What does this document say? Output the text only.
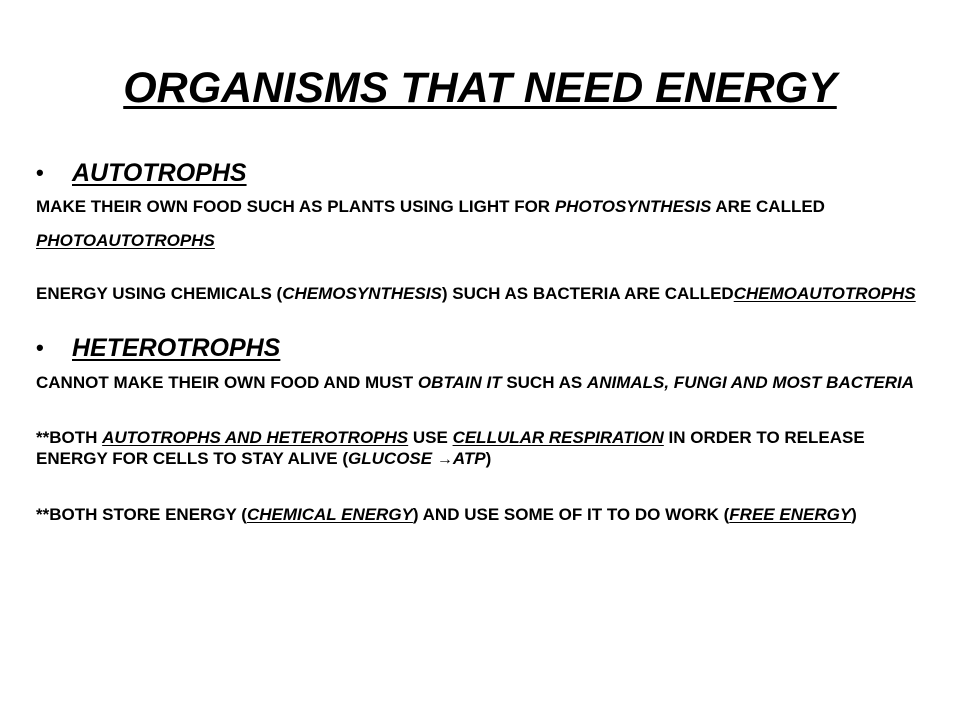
ORGANISMS THAT NEED ENERGY
• AUTOTROPHS

MAKE THEIR OWN FOOD SUCH AS PLANTS USING LIGHT FOR PHOTOSYNTHESIS ARE CALLED

PHOTOAUTOTROPHS

ENERGY USING CHEMICALS (CHEMOSYNTHESIS) SUCH AS BACTERIA ARE CALLEDCHEMOAUTOTROPHS

• HETEROTROPHS

CANNOT MAKE THEIR OWN FOOD AND MUST OBTAIN IT SUCH AS ANIMALS, FUNGI AND MOST BACTERIA

**BOTH AUTOTROPHS AND HETEROTROPHS USE CELLULAR RESPIRATION IN ORDER TO RELEASE ENERGY FOR CELLS TO STAY ALIVE (GLUCOSE →ATP)

**BOTH STORE ENERGY (CHEMICAL ENERGY) AND USE SOME OF IT TO DO WORK (FREE ENERGY)
